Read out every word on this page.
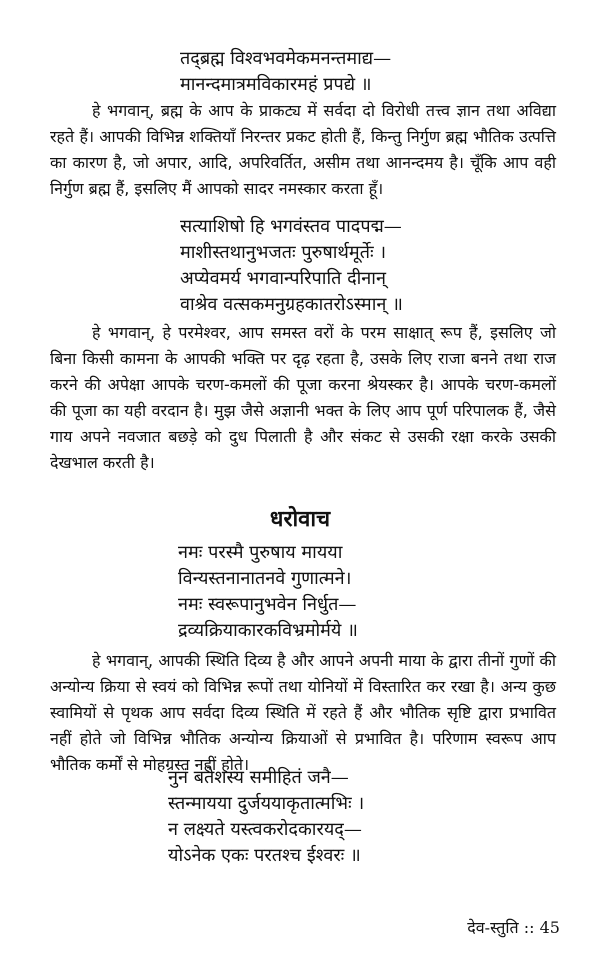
तद्ब्रह्म विश्वभवमेकमनन्तमाद्य—
मानन्दमात्रमविकारमहं प्रपद्ये ॥

हे भगवान्, ब्रह्म के आप के प्राकट्य में सर्वदा दो विरोधी तत्त्व ज्ञान तथा अविद्या रहते हैं। आपकी विभिन्न शक्तियाँ निरन्तर प्रकट होती हैं, किन्तु निर्गुण ब्रह्म भौतिक उत्पत्ति का कारण है, जो अपार, आदि, अपरिवर्तित, असीम तथा आनन्दमय है। चूँकि आप वही निर्गुण ब्रह्म हैं, इसलिए मैं आपको सादर नमस्कार करता हूँ।

सत्याशिषो हि भगवंस्तव पादपद्म—
माशीस्तथानुभजतः पुरुषार्थमूर्तेः ।
अप्येवमर्य भगवान्परिपाति दीनान्
वाश्रेव वत्सकमनुग्रहकातरोऽस्मान् ॥

हे भगवान्, हे परमेश्वर, आप समस्त वरों के परम साक्षात् रूप हैं, इसलिए जो बिना किसी कामना के आपकी भक्ति पर दृढ़ रहता है, उसके लिए राजा बनने तथा राज करने की अपेक्षा आपके चरण-कमलों की पूजा करना श्रेयस्कर है। आपके चरण-कमलों की पूजा का यही वरदान है। मुझ जैसे अज्ञानी भक्त के लिए आप पूर्ण परिपालक हैं, जैसे गाय अपने नवजात बछड़े को दुध पिलाती है और संकट से उसकी रक्षा करके उसकी देखभाल करती है।

धरोवाच
नमः परस्मै पुरुषाय मायया
विन्यस्तनानातनवे गुणात्मने।
नमः स्वरूपानुभवेन निर्धुत—
द्रव्यक्रियाकारकविभ्रमोर्मये ॥

हे भगवान्, आपकी स्थिति दिव्य है और आपने अपनी माया के द्वारा तीनों गुणों की अन्योन्य क्रिया से स्वयं को विभिन्न रूपों तथा योनियों में विस्तारित कर रखा है। अन्य कुछ स्वामियों से पृथक आप सर्वदा दिव्य स्थिति में रहते हैं और भौतिक सृष्टि द्वारा प्रभावित नहीं होते जो विभिन्न भौतिक अन्योन्य क्रियाओं से प्रभावित है। परिणाम स्वरूप आप भौतिक कर्मों से मोहग्रस्त नहीं होते।

नुनं बतेशस्य समीहितं जनै—
स्तन्मायया दुर्जययाकृतात्मभिः ।
न लक्ष्यते यस्त्वकरोदकारयद्—
योऽनेक एकः परतश्च ईश्वरः ॥
देव-स्तुति :: 45
